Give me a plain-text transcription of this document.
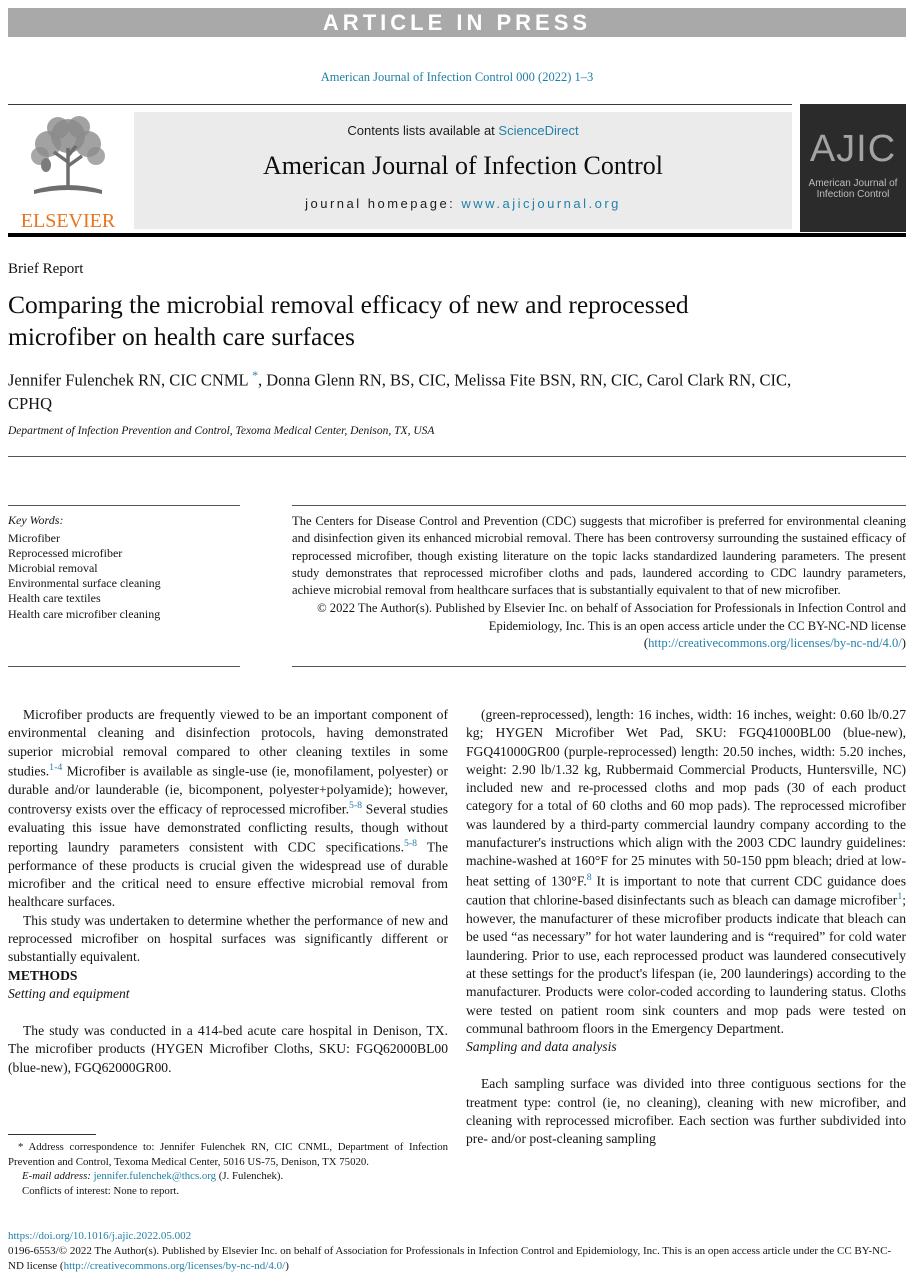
ARTICLE IN PRESS
American Journal of Infection Control 000 (2022) 1–3
ELSEVIER
Contents lists available at ScienceDirect
American Journal of Infection Control
journal homepage: www.ajicjournal.org
AJIC
American Journal of
Infection Control
Brief Report
Comparing the microbial removal efficacy of new and reprocessed microfiber on health care surfaces
Jennifer Fulenchek RN, CIC CNML *, Donna Glenn RN, BS, CIC, Melissa Fite BSN, RN, CIC, Carol Clark RN, CIC, CPHQ
Department of Infection Prevention and Control, Texoma Medical Center, Denison, TX, USA
Key Words:
Microfiber
Reprocessed microfiber
Microbial removal
Environmental surface cleaning
Health care textiles
Health care microfiber cleaning
The Centers for Disease Control and Prevention (CDC) suggests that microfiber is preferred for environmental cleaning and disinfection given its enhanced microbial removal. There has been controversy surrounding the sustained efficacy of reprocessed microfiber, though existing literature on the topic lacks standardized laundering parameters. The present study demonstrates that reprocessed microfiber cloths and pads, laundered according to CDC laundry parameters, achieve microbial removal from healthcare surfaces that is substantially equivalent to that of new microfiber.
© 2022 The Author(s). Published by Elsevier Inc. on behalf of Association for Professionals in Infection Control and Epidemiology, Inc. This is an open access article under the CC BY-NC-ND license (http://creativecommons.org/licenses/by-nc-nd/4.0/)

Microfiber products are frequently viewed to be an important component of environmental cleaning and disinfection protocols, having demonstrated superior microbial removal compared to other cleaning textiles in some studies.$^{1-4}$ Microfiber is available as single-use (ie, monofilament, polyester) or durable and/or launderable (ie, bicomponent, polyester+polyamide); however, controversy exists over the efficacy of reprocessed microfiber.$^{5-8}$ Several studies evaluating this issue have demonstrated conflicting results, though without reporting laundry parameters consistent with CDC specifications.$^{5-8}$ The performance of these products is crucial given the widespread use of durable microfiber and the critical need to ensure effective microbial removal from healthcare surfaces.

This study was undertaken to determine whether the performance of new and reprocessed microfiber on hospital surfaces was significantly different or substantially equivalent.

METHODS

Setting and equipment

The study was conducted in a 414-bed acute care hospital in Denison, TX. The microfiber products (HYGEN Microfiber Cloths, SKU: FGQ62000BL00 (blue-new), FGQ62000GR00.

(green-reprocessed), length: 16 inches, width: 16 inches, weight: 0.60 lb/0.27 kg; HYGEN Microfiber Wet Pad, SKU: FGQ41000BL00 (blue-new), FGQ41000GR00 (purple-reprocessed) length: 20.50 inches, width: 5.20 inches, weight: 2.90 lb/1.32 kg, Rubbermaid Commercial Products, Huntersville, NC) included new and re-processed cloths and mop pads (30 of each product category for a total of 60 cloths and 60 mop pads). The reprocessed microfiber was laundered by a third-party commercial laundry company according to the manufacturer's instructions which align with the 2003 CDC laundry guidelines: machine-washed at 160°F for 25 minutes with 50-150 ppm bleach; dried at low-heat setting of 130°F.$^8$ It is important to note that current CDC guidance does caution that chlorine-based disinfectants such as bleach can damage microfiber$^1$; however, the manufacturer of these microfiber products indicate that bleach can be used “as necessary” for hot water laundering and is “required” for cold water laundering. Prior to use, each reprocessed product was laundered consecutively at these settings for the product's lifespan (ie, 200 launderings) according to the manufacturer. Products were color-coded according to laundering status. Cloths were tested on patient room sink counters and mop pads were tested on communal bathroom floors in the Emergency Department.

Sampling and data analysis

Each sampling surface was divided into three contiguous sections for the treatment type: control (ie, no cleaning), cleaning with new microfiber, and cleaning with reprocessed microfiber. Each section was further subdivided into pre- and/or post-cleaning sampling

* Address correspondence to: Jennifer Fulenchek RN, CIC CNML, Department of Infection Prevention and Control, Texoma Medical Center, 5016 US-75, Denison, TX 75020.
E-mail address: jennifer.fulenchek@thcs.org (J. Fulenchek).
Conflicts of interest: None to report.
https://doi.org/10.1016/j.ajic.2022.05.002
0196-6553/© 2022 The Author(s). Published by Elsevier Inc. on behalf of Association for Professionals in Infection Control and Epidemiology, Inc. This is an open access article under the CC BY-NC-ND license (http://creativecommons.org/licenses/by-nc-nd/4.0/)
